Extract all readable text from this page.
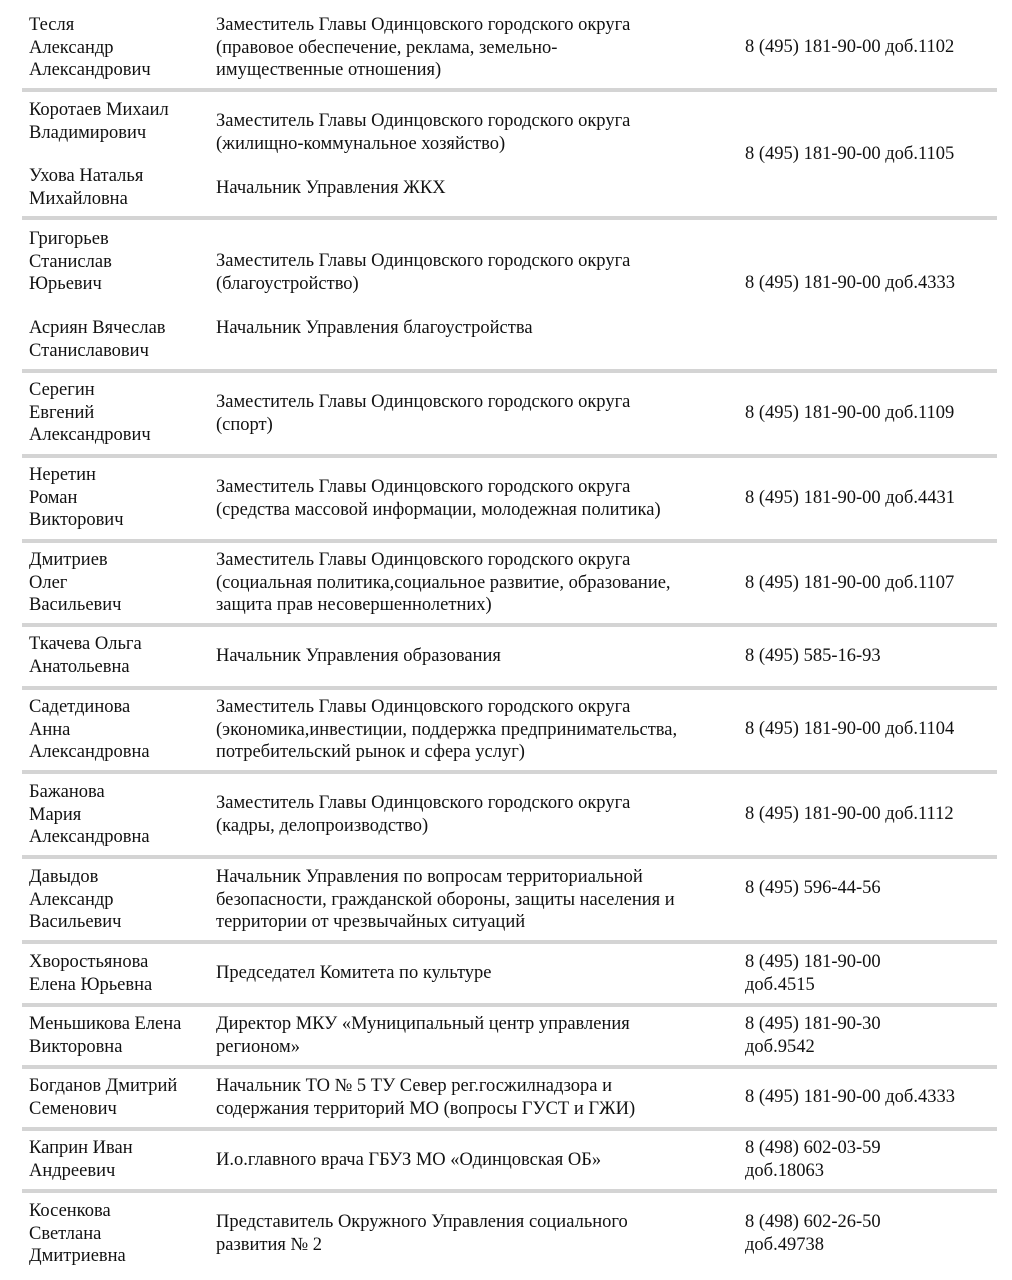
Тесля
Александр
Александрович
Заместитель Главы Одинцовского городского округа
(правовое обеспечение, реклама, земельно-
имущественные отношения)
8 (495) 181-90-00 доб.1102
Коротаев Михаил
Владимирович
Заместитель Главы Одинцовского городского округа
(жилищно-коммунальное хозяйство)
8 (495) 181-90-00 доб.1105
Ухова Наталья
Михайловна
Начальник Управления ЖКХ
Григорьев
Станислав
Юрьевич
Заместитель Главы Одинцовского городского округа
(благоустройство)	8 (495) 181-90-00 доб.4333
Асриян Вячеслав
Станиславович
Начальник Управления благоустройства
Серегин
Евгений
Александрович
Заместитель Главы Одинцовского городского округа
(спорт)
8 (495) 181-90-00 доб.1109
Неретин
Роман
Викторович
Заместитель Главы Одинцовского городского округа
(средства массовой информации, молодежная политика)
8 (495) 181-90-00 доб.4431
Дмитриев
Олег
Васильевич
Заместитель Главы Одинцовского городского округа
(социальная политика,социальное развитие, образование,
защита прав несовершеннолетних)
8 (495) 181-90-00 доб.1107
Ткачева Ольга
Анатольевна
Начальник Управления образования	8 (495) 585-16-93
Садетдинова
Анна
Александровна
Заместитель Главы Одинцовского городского округа
(экономика,инвестиции, поддержка предпринимательства,
потребительский рынок и сфера услуг)
8 (495) 181-90-00 доб.1104
Бажанова
Мария
Александровна
Заместитель Главы Одинцовского городского округа
(кадры, делопроизводство)
8 (495) 181-90-00 доб.1112
Давыдов
Александр
Васильевич
Начальник Управления по вопросам территориальной
безопасности, гражданской обороны, защиты населения и
территории от чрезвычайных ситуаций
8 (495) 596-44-56
Хворостьянова
Елена Юрьевна
Председател Комитета по культуре
8 (495) 181-90-00
доб.4515
Меньшикова Елена
Викторовна
Директор МКУ «Муниципальный центр управления
регионом»
8 (495) 181-90-30
доб.9542
Богданов Дмитрий
Семенович
Начальник ТО № 5 ТУ Север рег.госжилнадзора и
содержания территорий МО (вопросы ГУСТ и ГЖИ)
8 (495) 181-90-00 доб.4333
Каприн Иван
Андреевич
И.о.главного врача ГБУЗ МО «Одинцовская ОБ»
8 (498) 602-03-59
доб.18063
Косенкова
Светлана
Дмитриевна
Представитель Окружного Управления социального
развития № 2
8 (498) 602-26-50
доб.49738
